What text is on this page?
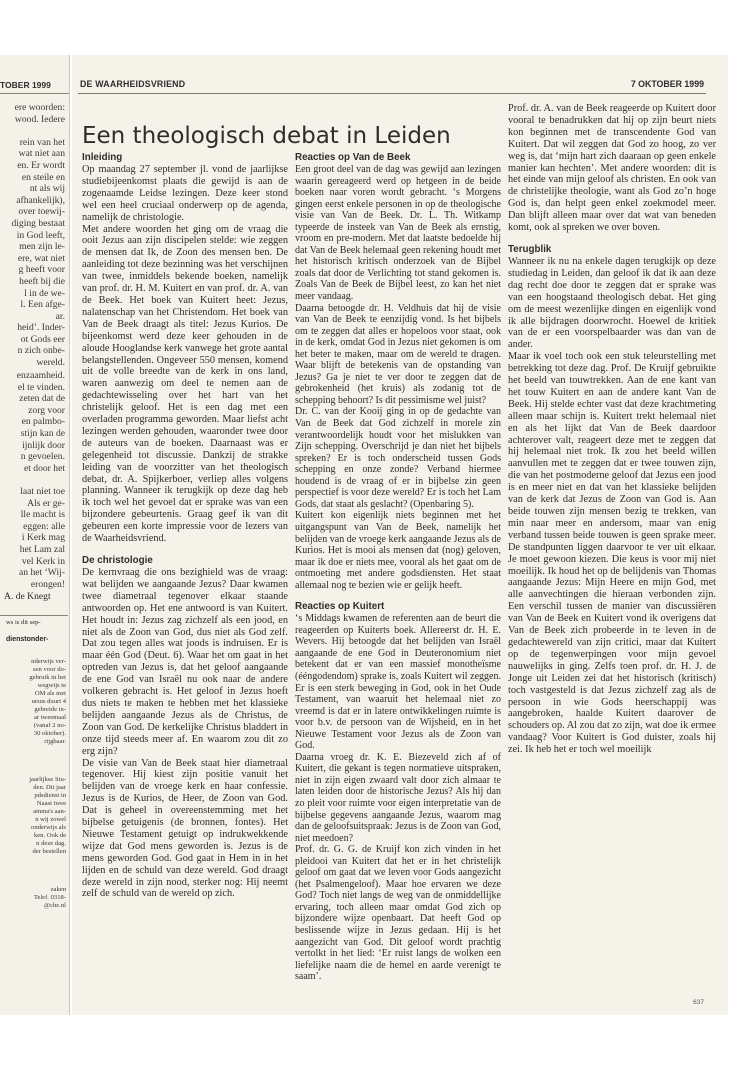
TOBER 1999
ere woorden:
wood. Iedere

rein van het
wat niet aan
en. Er wordt
en steile en
nt als wij
afhankelijk),
over toewij-
diging bestaat
in God leeft,
men zijn le-
ere, wat niet
g heeft voor
heeft bij die
l in de we-
l. Een afge-
ar.
heid’. Inder-
ot Gods eer
n zich onbe-
wereld.
enzaamheid.
el te vinden.
zeten dat de
zorg voor
en palmbo-
stijn kan de
ijnlijk door
n gevoelen.
et door het

laat niet toe
Als er ge-
lle macht is
eggen: alle
i Kerk mag
het Lam zal
vel Kerk in
an het ‘Wij-
erongen!
A. de Knegt
ws is dit sep-
dienstonder-
nderwijs ver-
sen voor do-
gebruik in het
wegwijs te
OM als met
ursus duurt 4
gebreide in-
ar tweemaal
(vanaf 2 no-
30 oktober).
rijgbaar.
jaarlijkse Stu-
den. Dit jaar
pdsdienst in
Naast twee
amma's aan-
n wij zowel
onderwijs als
ken. Ook de
n deze dag.
der bestellen
zaken
Telef. 0318-
@che.nl
DE WAARHEIDSVRIEND	7 OKTOBER 1999
Een theologisch debat in Leiden
Inleiding

Op maandag 27 september jl. vond de jaarlijkse studiebijeenkomst plaats die gewijd is aan de zogenaamde Leidse lezingen. Deze keer stond wel een heel cruciaal onderwerp op de agenda, namelijk de christologie.

Met andere woorden het ging om de vraag die ooit Jezus aan zijn discipelen stelde: wie zeggen de mensen dat Ik, de Zoon des mensen ben. De aanleiding tot deze bezinning was het verschijnen van twee, inmiddels bekende boeken, namelijk van prof. dr. H. M. Kuitert en van prof. dr. A. van de Beek. Het boek van Kuitert heet: Jezus, nalatenschap van het Christendom. Het boek van Van de Beek draagt als titel: Jezus Kurios. De bijeenkomst werd deze keer gehouden in de aloude Hooglandse kerk vanwege het grote aantal belangstellenden. Ongeveer 550 mensen, komend uit de volle breedte van de kerk in ons land, waren aanwezig om deel te nemen aan de gedachtewisseling over het hart van het christelijk geloof. Het is een dag met een overladen programma geworden. Maar liefst acht lezingen werden gehouden, waaronder twee door de auteurs van de boeken. Daarnaast was er gelegenheid tot discussie. Dankzij de strakke leiding van de voorzitter van het theologisch debat, dr. A. Spijkerboer, verliep alles volgens planning. Wanneer ik terugkijk op deze dag heb ik toch wel het gevoel dat er sprake was van een bijzondere gebeurtenis. Graag geef ik van dit gebeuren een korte impressie voor de lezers van de Waarheidsvriend.

De christologie

De kernvraag die ons bezighield was de vraag: wat belijden we aangaande Jezus? Daar kwamen twee diametraal tegenover elkaar staande antwoorden op. Het ene antwoord is van Kuitert. Het houdt in: Jezus zag zichzelf als een jood, en niet als de Zoon van God, dus niet als God zelf. Dat zou tegen alles wat joods is indruisen. Er is maar één God (Deut. 6). Waar het om gaat in het optreden van Jezus is, dat het geloof aangaande de ene God van Israël nu ook naar de andere volkeren gebracht is. Het geloof in Jezus hoeft dus niets te maken te hebben met het klassieke belijden aangaande Jezus als de Christus, de Zoon van God. De kerkelijke Christus bladdert in onze tijd steeds meer af. En waarom zou dit zo erg zijn?

De visie van Van de Beek staat hier diametraal tegenover. Hij kiest zijn positie vanuit het belijden van de vroege kerk en haar confessie. Jezus is de Kurios, de Heer, de Zoon van God. Dat is geheel in overeenstemming met het bijbelse getuigenis (de bronnen, fontes). Het Nieuwe Testament getuigt op indrukwekkende wijze dat God mens geworden is. Jezus is de mens geworden God. God gaat in Hem in in het lijden en de schuld van deze wereld. God draagt deze wereld in zijn nood, sterker nog: Hij neemt zelf de schuld van de wereld op zich.

Reacties op Van de Beek

Een groot deel van de dag was gewijd aan lezingen waarin gereageerd werd op hetgeen in de beide boeken naar voren wordt gebracht. ‘s Morgens gingen eerst enkele personen in op de theologische visie van Van de Beek. Dr. L. Th. Witkamp typeerde de insteek van Van de Beek als ernstig, vroom en pre-modern. Met dat laatste bedoelde hij dat Van de Beek helemaal geen rekening houdt met het historisch kritisch onderzoek van de Bijbel zoals dat door de Verlichting tot stand gekomen is. Zoals Van de Beek de Bijbel leest, zo kan het niet meer vandaag.

Daarna betoogde dr. H. Veldhuis dat hij de visie van Van de Beek te eenzijdig vond. Is het bijbels om te zeggen dat alles er hopeloos voor staat, ook in de kerk, omdat God in Jezus niet gekomen is om het beter te maken, maar om de wereld te dragen. Waar blijft de betekenis van de opstanding van Jezus? Ga je niet te ver door te zeggen dat de gebrokenheid (het kruis) als zodanig tot de schepping behoort? Is dit pessimisme wel juist?

Dr. C. van der Kooij ging in op de gedachte van Van de Beek dat God zichzelf in morele zin verantwoordelijk houdt voor het mislukken van Zijn schepping. Overschrijd je dan niet het bijbels spreken? Er is toch onderscheid tussen Gods schepping en onze zonde? Verband hiermee houdend is de vraag of er in bijbelse zin geen perspectief is voor deze wereld? Er is toch het Lam Gods, dat staat als geslacht? (Openbaring 5).

Kuitert kon eigenlijk niets beginnen met het uitgangspunt van Van de Beek, namelijk het belijden van de vroege kerk aangaande Jezus als de Kurios. Het is mooi als mensen dat (nog) geloven, maar ik doe er niets mee, vooral als het gaat om de ontmoeting met andere godsdiensten. Het staat allemaal nog te bezien wie er gelijk heeft.

Reacties op Kuitert

‘s Middags kwamen de referenten aan de beurt die reageerden op Kuiterts boek. Allereerst dr. H. E. Wevers. Hij betoogde dat het belijden van Israël aangaande de ene God in Deuteronomium niet betekent dat er van een massief monotheïsme (ééngodendom) sprake is, zoals Kuitert wil zeggen. Er is een sterk beweging in God, ook in het Oude Testament, van waaruit het helemaal niet zo vreemd is dat er in latere ontwikkelingen ruimte is voor b.v. de persoon van de Wijsheid, en in het Nieuwe Testament voor Jezus als de Zoon van God.

Daarna vroeg dr. K. E. Biezeveld zich af of Kuitert, die gekant is tegen normatieve uitspraken, niet in zijn eigen zwaard valt door zich almaar te laten leiden door de historische Jezus? Als hij dan zo pleit voor ruimte voor eigen interpretatie van de bijbelse gegevens aangaande Jezus, waarom mag dan de geloofsuitspraak: Jezus is de Zoon van God, niet meedoen?

Prof. dr. G. G. de Kruijf kon zich vinden in het pleidooi van Kuitert dat het er in het christelijk geloof om gaat dat we leven voor Gods aangezicht (het Psalmengeloof). Maar hoe ervaren we deze God? Toch niet langs de weg van de onmiddellijke ervaring, toch alleen maar omdat God zich op bijzondere wijze openbaart. Dat heeft God op beslissende wijze in Jezus gedaan. Hij is het aangezicht van God. Dit geloof wordt prachtig vertolkt in het lied: ‘Er ruist langs de wolken een liefelijke naam die de hemel en aarde verenigt te saam’.

Prof. dr. A. van de Beek reageerde op Kuitert door vooral te benadrukken dat hij op zijn beurt niets kon beginnen met de transcendente God van Kuitert. Dat wil zeggen dat God zo hoog, zo ver weg is, dat ‘mijn hart zich daaraan op geen enkele manier kan hechten’. Met andere woorden: dit is het einde van mijn geloof als christen. En ook van de christelijke theologie, want als God zo’n hoge God is, dan helpt geen enkel zoekmodel meer. Dan blijft alleen maar over dat wat van beneden komt, ook al spreken we over boven.

Terugblik

Wanneer ik nu na enkele dagen terugkijk op deze studiedag in Leiden, dan geloof ik dat ik aan deze dag recht doe door te zeggen dat er sprake was van een hoogstaand theologisch debat. Het ging om de meest wezenlijke dingen en eigenlijk vond ik alle bijdragen doorwrocht. Hoewel de kritiek van de er een voorspelbaarder was dan van de ander.

Maar ik voel toch ook een stuk teleurstelling met betrekking tot deze dag. Prof. De Kruijf gebruikte het beeld van touwtrekken. Aan de ene kant van het touw Kuitert en aan de andere kant Van de Beek. Hij stelde echter vast dat deze krachtmeting alleen maar schijn is. Kuitert trekt helemaal niet en als het lijkt dat Van de Beek daardoor achterover valt, reageert deze met te zeggen dat hij helemaal niet trok. Ik zou het beeld willen aanvullen met te zeggen dat er twee touwen zijn, die van het postmoderne geloof dat Jezus een jood is en meer niet en dat van het klassieke belijden van de kerk dat Jezus de Zoon van God is. Aan beide touwen zijn mensen bezig te trekken, van min naar meer en andersom, maar van enig verband tussen beide touwen is geen sprake meer. De standpunten liggen daarvoor te ver uit elkaar. Je moet gewoon kiezen. Die keus is voor mij niet moeilijk. Ik houd het op de belijdenis van Thomas aangaande Jezus: Mijn Heere en mijn God, met alle aanvechtingen die hieraan verbonden zijn. Een verschil tussen de manier van discussiëren van Van de Beek en Kuitert vond ik overigens dat Van de Beek zich probeerde in te leven in de gedachtewereld van zijn critici, maar dat Kuitert op de tegenwerpingen voor mijn gevoel nauwelijks in ging. Zelfs toen prof. dr. H. J. de Jonge uit Leiden zei dat het historisch (kritisch) toch vastgesteld is dat Jezus zichzelf zag als de persoon in wie Gods heerschappij was aangebroken, haalde Kuitert daarover de schouders op. Al zou dat zo zijn, wat doe ik ermee vandaag? Voor Kuitert is God duister, zoals hij zei. Ik heb het er toch wel moeilijk

637
